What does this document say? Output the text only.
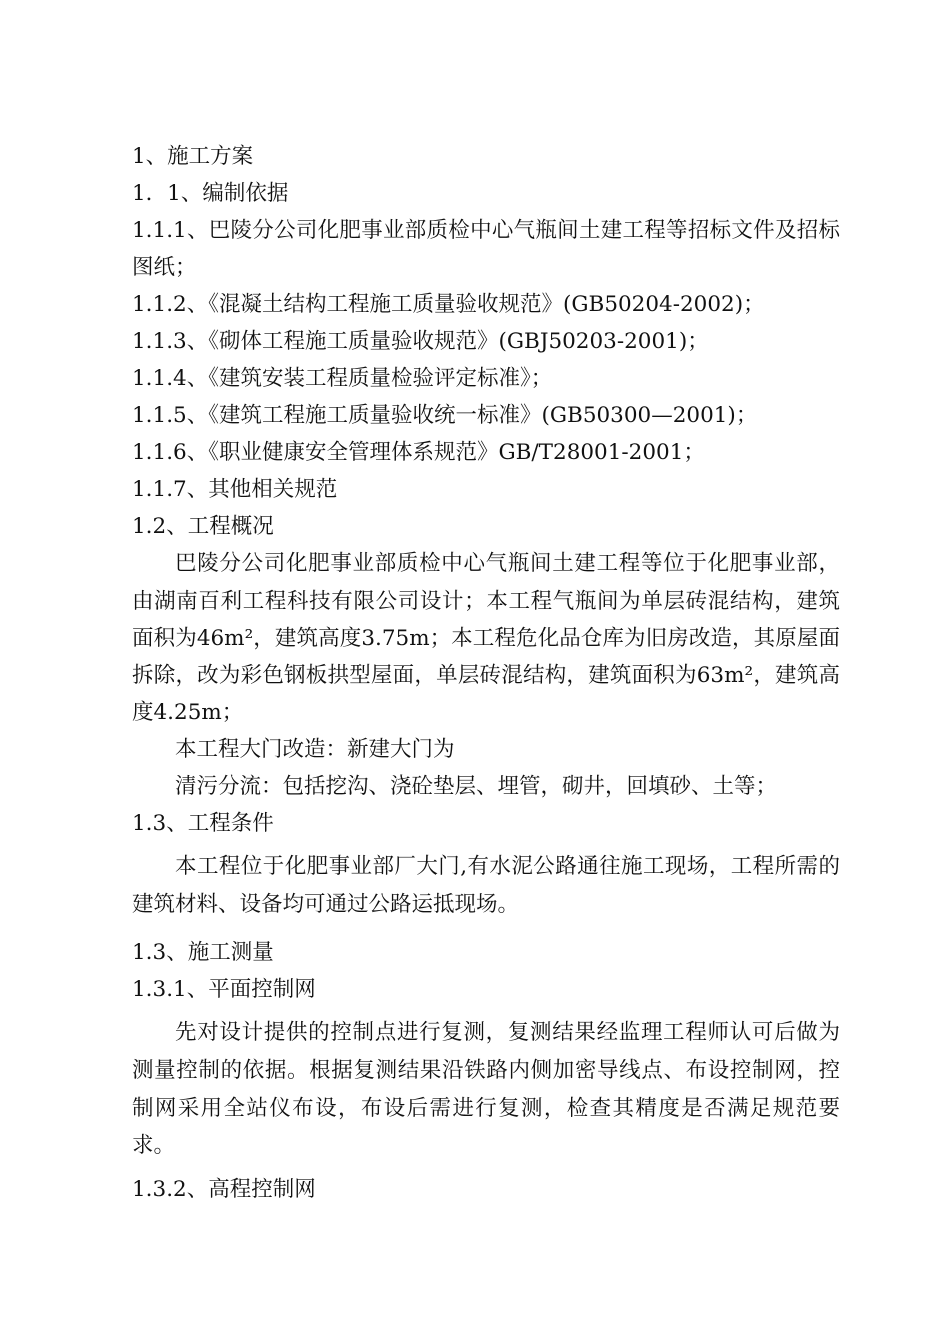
1、施工方案
1．1、编制依据

1.1.1、巴陵分公司化肥事业部质检中心气瓶间土建工程等招标文件及招标图纸；

1.1.2、《混凝土结构工程施工质量验收规范》(GB50204-2002)；
1.1.3、《砌体工程施工质量验收规范》(GBJ50203-2001)；
1.1.4、《建筑安装工程质量检验评定标准》；
1.1.5、《建筑工程施工质量验收统一标准》(GB50300—2001)；
1.1.6、《职业健康安全管理体系规范》GB/T28001-2001；
1.1.7、其他相关规范
1.2、工程概况

巴陵分公司化肥事业部质检中心气瓶间土建工程等位于化肥事业部，由湖南百利工程科技有限公司设计；本工程气瓶间为单层砖混结构，建筑面积为46m²，建筑高度3.75m；本工程危化品仓库为旧房改造，其原屋面拆除，改为彩色钢板拱型屋面，单层砖混结构，建筑面积为63m²，建筑高度4.25m；

本工程大门改造：新建大门为
清污分流：包括挖沟、浇砼垫层、埋管，砌井，回填砂、土等；
1.3、工程条件

本工程位于化肥事业部厂大门,有水泥公路通往施工现场，工程所需的建筑材料、设备均可通过公路运抵现场。

1.3、施工测量
1.3.1、平面控制网

先对设计提供的控制点进行复测，复测结果经监理工程师认可后做为测量控制的依据。根据复测结果沿铁路内侧加密导线点、布设控制网，控制网采用全站仪布设，布设后需进行复测，检查其精度是否满足规范要求。

1.3.2、高程控制网
